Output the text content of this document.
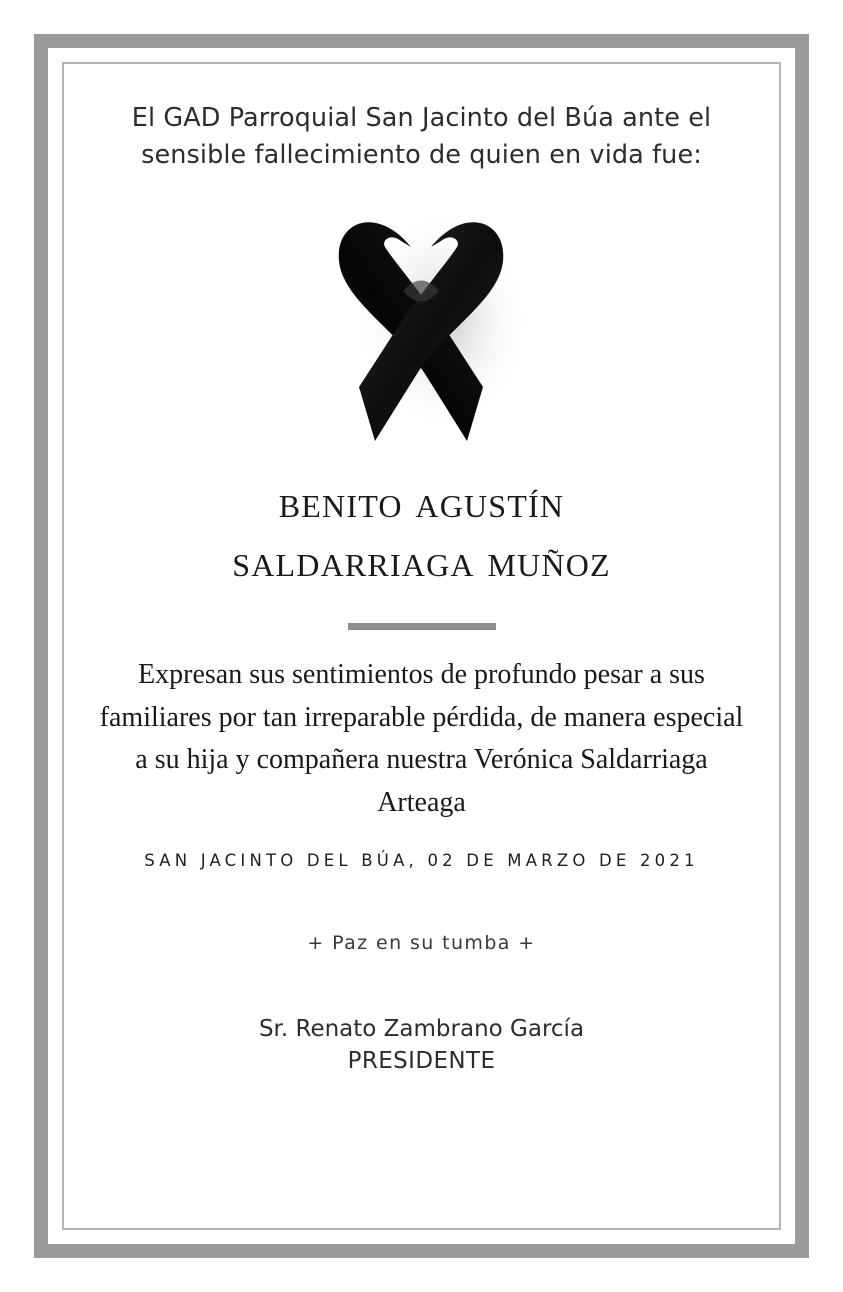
El GAD Parroquial San Jacinto del Búa ante el sensible fallecimiento de quien en vida fue:
benito agustín
saldarriaga muñoz
Expresan sus sentimientos de profundo pesar a sus familiares por tan irreparable pérdida, de manera especial a su hija y compañera nuestra Verónica Saldarriaga Arteaga
SAN JACINTO DEL BÚA, 02 DE MARZO DE 2021
+ Paz en su tumba +
Sr. Renato Zambrano García
PRESIDENTE
